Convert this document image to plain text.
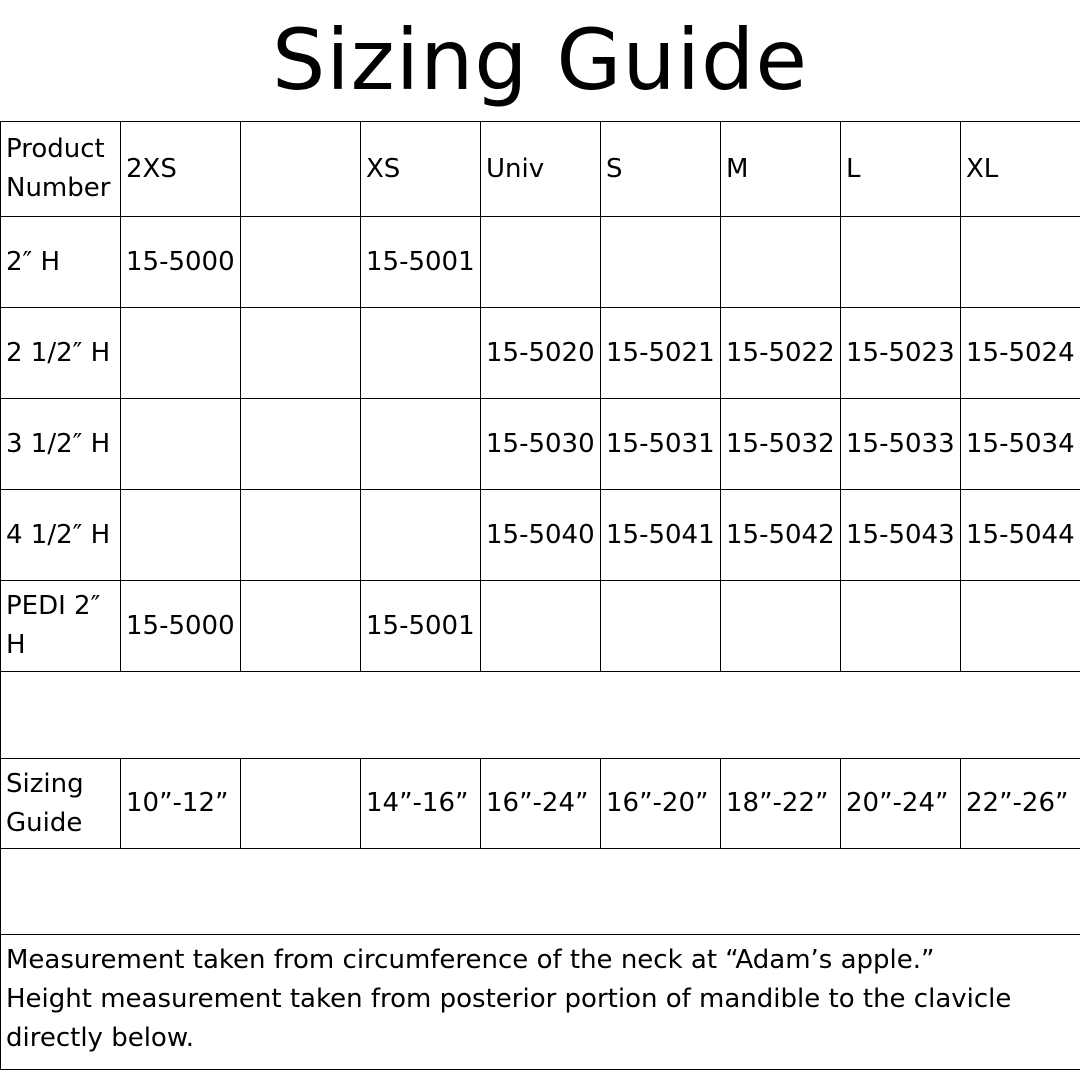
Sizing Guide
Product Number	2XS		XS	Univ	S	M	L	XL
2″ H	15-5000		15-5001					
2 1/2″ H				15-5020	15-5021	15-5022	15-5023	15-5024
3 1/2″ H				15-5030	15-5031	15-5032	15-5033	15-5034
4 1/2″ H				15-5040	15-5041	15-5042	15-5043	15-5044
PEDI 2″ H	15-5000		15-5001					

Sizing Guide	10”-12”		14”-16”	16”-24”	16”-20”	18”-22”	20”-24”	22”-26”

Measurement taken from circumference of the neck at “Adam’s apple.”
Height measurement taken from posterior portion of mandible to the clavicle directly below.								
